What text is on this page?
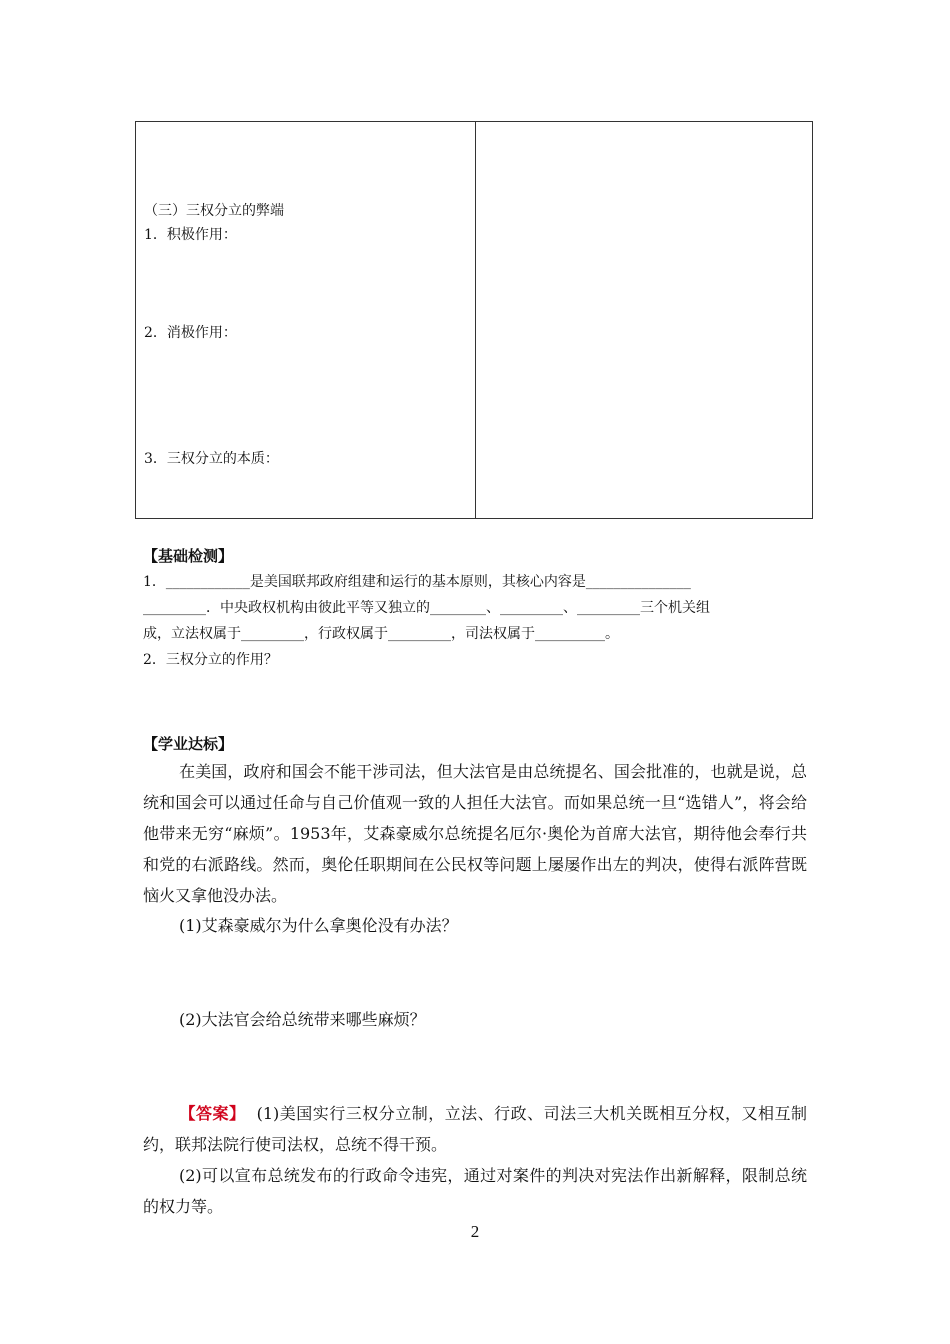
（三）三权分立的弊端
1．积极作用：
2．消极作用：
3．三权分立的本质：
【基础检测】
1．____________是美国联邦政府组建和运行的基本原则，其核心内容是_______________
_________．中央政权机构由彼此平等又独立的________、_________、_________三个机关组
成，立法权属于_________，行政权属于_________，司法权属于__________。
2．三权分立的作用？
【学业达标】
在美国，政府和国会不能干涉司法，但大法官是由总统提名、国会批准的，也就是说，总统和国会可以通过任命与自己价值观一致的人担任大法官。而如果总统一旦“选错人”，将会给他带来无穷“麻烦”。1953年，艾森豪威尔总统提名厄尔·奥伦为首席大法官，期待他会奉行共和党的右派路线。然而，奥伦任职期间在公民权等问题上屡屡作出左的判决，使得右派阵营既恼火又拿他没办法。
(1)艾森豪威尔为什么拿奥伦没有办法？
(2)大法官会给总统带来哪些麻烦？
【答案】 (1)美国实行三权分立制，立法、行政、司法三大机关既相互分权，又相互制约，联邦法院行使司法权，总统不得干预。
(2)可以宣布总统发布的行政命令违宪，通过对案件的判决对宪法作出新解释，限制总统的权力等。
2
